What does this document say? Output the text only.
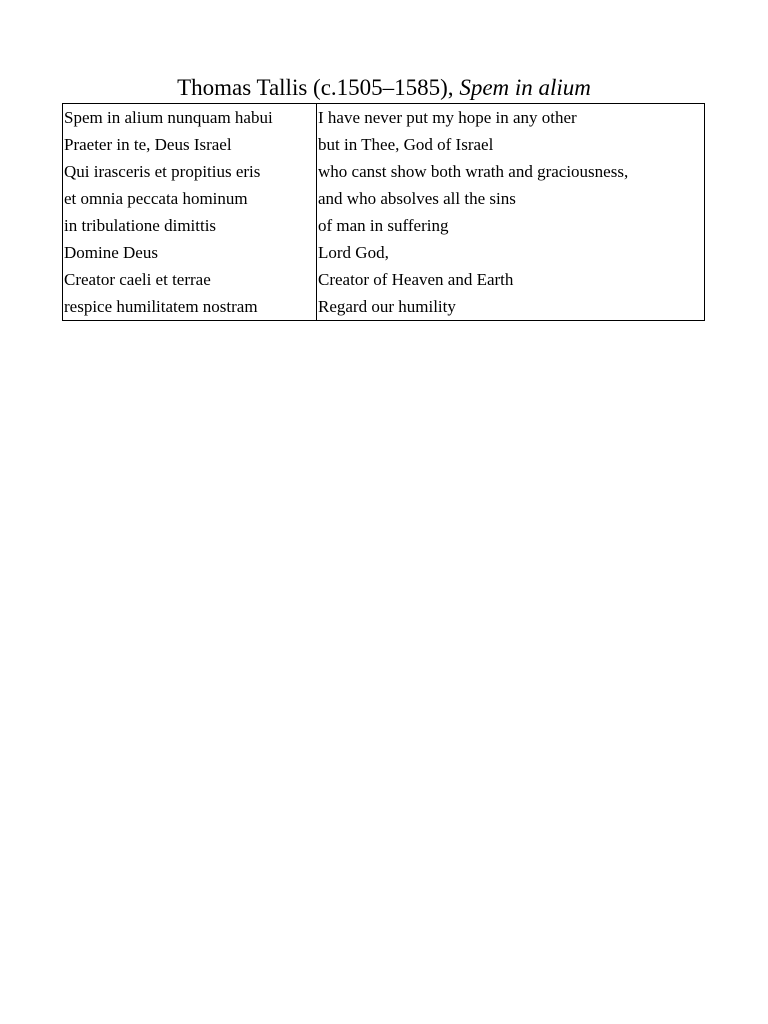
Thomas Tallis (c.1505–1585), Spem in alium
Spem in alium nunquam habui	I have never put my hope in any other
Praeter in te, Deus Israel	but in Thee, God of Israel
Qui irasceris et propitius eris	who canst show both wrath and graciousness,
et omnia peccata hominum	and who absolves all the sins
in tribulatione dimittis	of man in suffering
Domine Deus	Lord God,
Creator caeli et terrae	Creator of Heaven and Earth
respice humilitatem nostram	Regard our humility
